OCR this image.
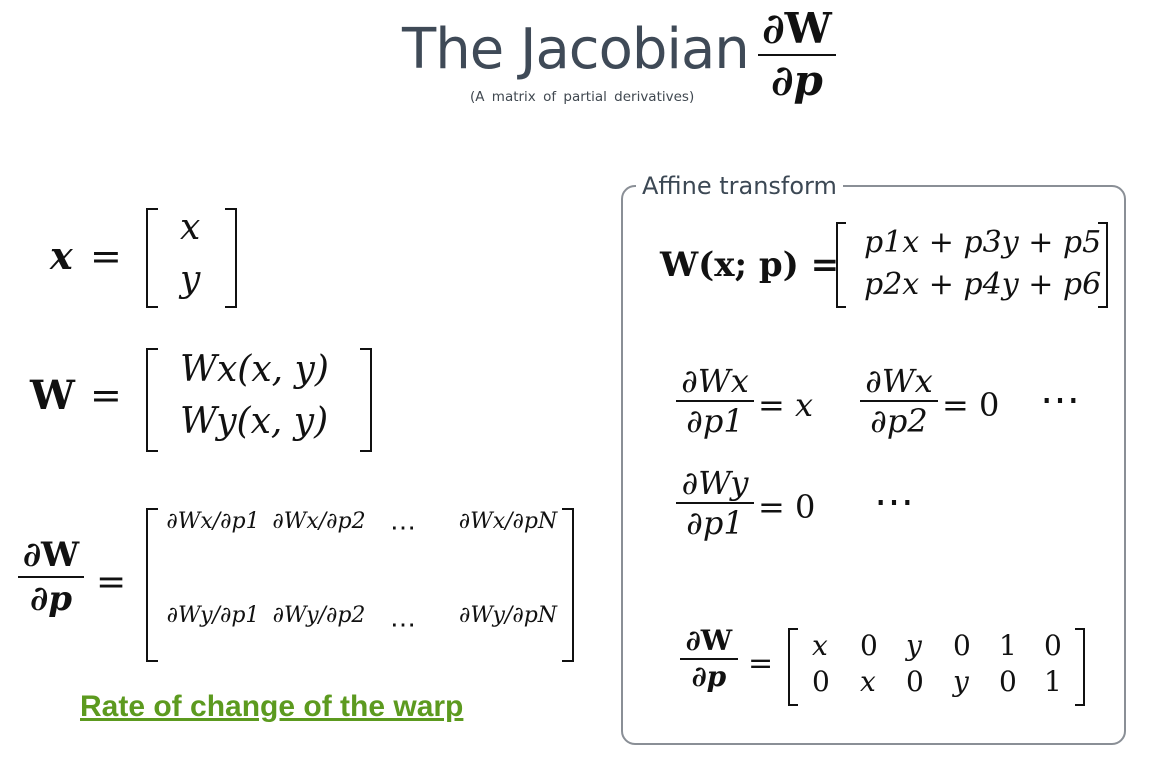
The Jacobian ∂W
∂p
(A matrix of partial derivatives)
x =
x
y
W =
Wx(x, y)
Wy(x, y)
∂W
∂p =
∂Wx/∂p1 ∂Wx/∂p2 ⋯ ∂Wx/∂pN
∂Wy/∂p1 ∂Wy/∂p2 ⋯ ∂Wy/∂pN
Rate of change of the warp
Affine transform
W(x; p) =
p1x + p3y + p5
p2x + p4y + p6
∂Wx
∂p1 = x
∂Wx
∂p2 = 0 ⋯
∂Wy
∂p1 = 0 ⋯
∂W
∂p =
x 0 y 0 1 0
0 x 0 y 0 1
